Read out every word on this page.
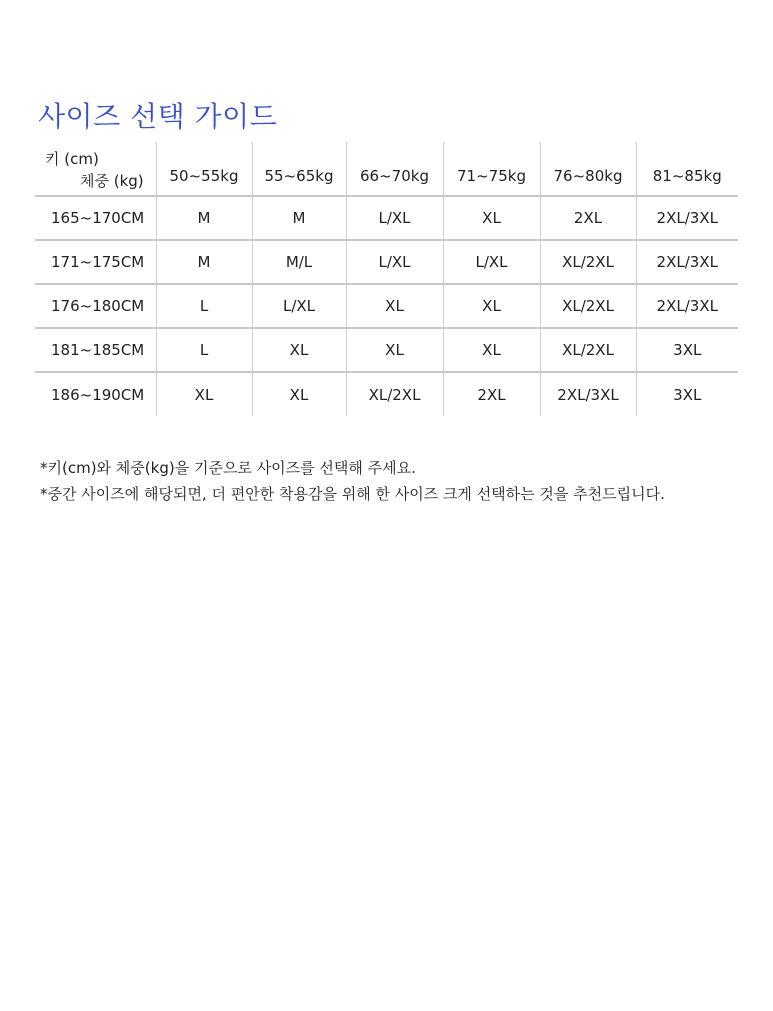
사이즈 선택 가이드
키 (cm)
체중 (kg)	50~55kg	55~65kg	66~70kg	71~75kg	76~80kg	81~85kg
165~170CM	M	M	L/XL	XL	2XL	2XL/3XL
171~175CM	M	M/L	L/XL	L/XL	XL/2XL	2XL/3XL
176~180CM	L	L/XL	XL	XL	XL/2XL	2XL/3XL
181~185CM	L	XL	XL	XL	XL/2XL	3XL
186~190CM	XL	XL	XL/2XL	2XL	2XL/3XL	3XL

*키(cm)와 체중(kg)을 기준으로 사이즈를 선택해 주세요.

*중간 사이즈에 해당되면, 더 편안한 착용감을 위해 한 사이즈 크게 선택하는 것을 추천드립니다.
